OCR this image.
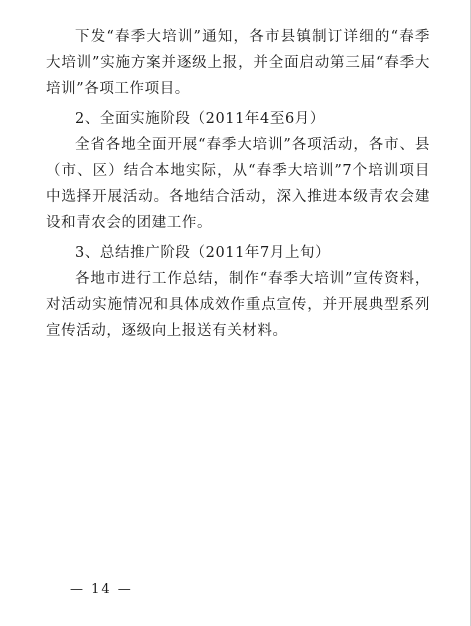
下发“春季大培训”通知，各市县镇制订详细的“春季大培训”实施方案并逐级上报，并全面启动第三届“春季大培训”各项工作项目。

2、全面实施阶段（2011年4至6月）

全省各地全面开展“春季大培训”各项活动，各市、县（市、区）结合本地实际，从“春季大培训”7个培训项目中选择开展活动。各地结合活动，深入推进本级青农会建设和青农会的团建工作。

3、总结推广阶段（2011年7月上旬）

各地市进行工作总结，制作“春季大培训”宣传资料，对活动实施情况和具体成效作重点宣传，并开展典型系列宣传活动，逐级向上报送有关材料。

— 14 —
